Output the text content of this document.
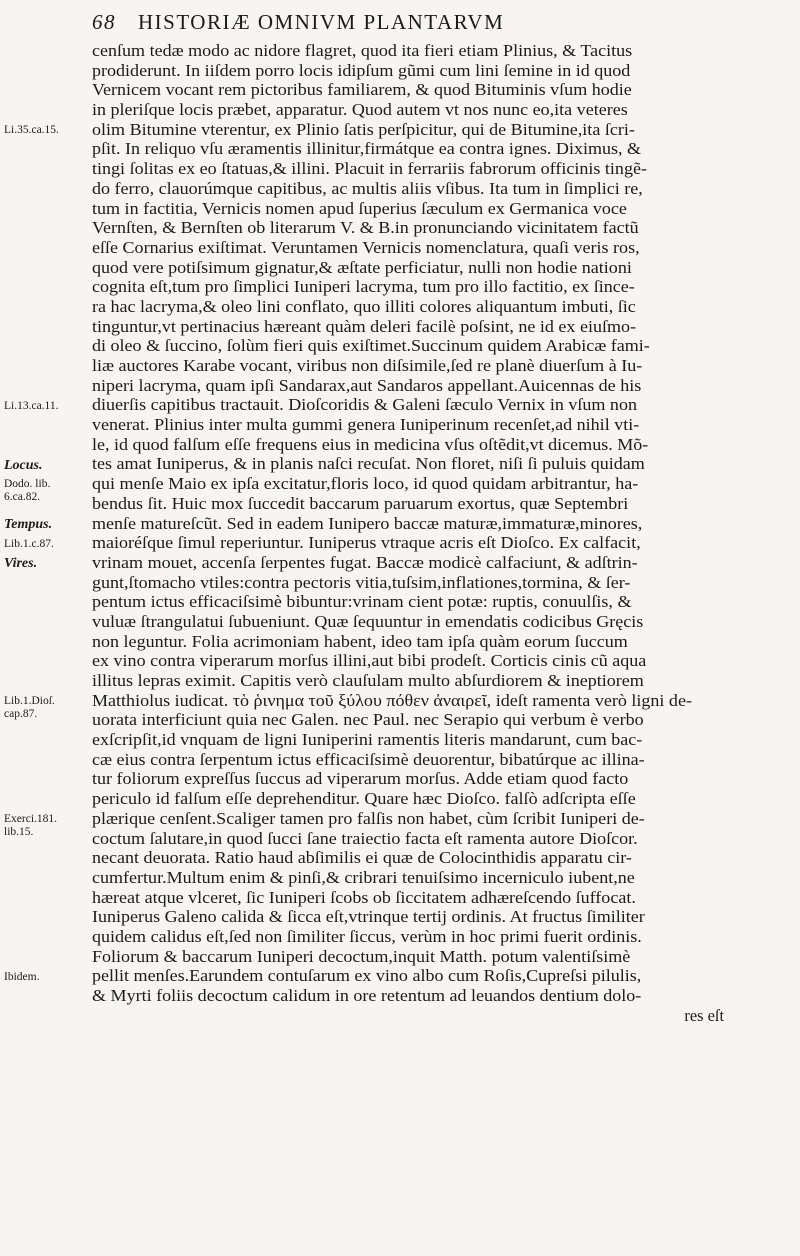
68 HISTORIÆ OMNIVM PLANTARVM
cenſum tedæ modo ac nidore flagret, quod ita fieri etiam Plinius, & Tacitus
prodiderunt. In iiſdem porro locis idipſum gũmi cum lini ſemine in id quod
Vernicem vocant rem pictoribus familiarem, & quod Bituminis vſum hodie
in pleriſque locis præbet, apparatur. Quod autem vt nos nunc eo,ita veteres
olim Bitumine vterentur, ex Plinio ſatis perſpicitur, qui de Bitumine,ita ſcri-
pſit. In reliquo vſu æramentis illinitur,firmátque ea contra ignes. Diximus, &
tingi ſolitas ex eo ſtatuas,& illini. Placuit in ferrariis fabrorum officinis tingẽ-
do ferro, clauorúmque capitibus, ac multis aliis vſibus. Ita tum in ſimplici re,
tum in factitia, Vernicis nomen apud ſuperius ſæculum ex Germanica voce
Vernſten, & Bernſten ob literarum V. & B.in pronunciando vicinitatem factũ
eſſe Cornarius exiſtimat. Veruntamen Vernicis nomenclatura, quaſi veris ros,
quod vere potiſsimum gignatur,& æſtate perficiatur, nulli non hodie nationi
cognita eſt,tum pro ſimplici Iuniperi lacryma, tum pro illo factitio, ex ſince-
ra hac lacryma,& oleo lini conflato, quo illiti colores aliquantum imbuti, ſic
tinguntur,vt pertinacius hæreant quàm deleri facilè poſsint, ne id ex eiuſmo-
di oleo & ſuccino, ſolùm fieri quis exiſtimet.Succinum quidem Arabicæ fami-
liæ auctores Karabe vocant, viribus non diſsimile,ſed re planè diuerſum à Iu-
niperi lacryma, quam ipſi Sandarax,aut Sandaros appellant.Auicennas de his
diuerſis capitibus tractauit. Dioſcoridis & Galeni ſæculo Vernix in vſum non
venerat. Plinius inter multa gummi genera Iuniperinum recenſet,ad nihil vti-
le, id quod falſum eſſe frequens eius in medicina vſus oſtẽdit,vt dicemus. Mõ-
tes amat Iuniperus, & in planis naſci recuſat. Non floret, niſi ſi puluis quidam
qui menſe Maio ex ipſa excitatur,floris loco, id quod quidam arbitrantur, ha-
bendus ſit. Huic mox ſuccedit baccarum paruarum exortus, quæ Septembri
menſe matureſcũt. Sed in eadem Iunipero baccæ maturæ,immaturæ,minores,
maioréſque ſimul reperiuntur. Iuniperus vtraque acris eſt Dioſco. Ex calfacit,
vrinam mouet, accenſa ſerpentes fugat. Baccæ modicè calfaciunt, & adſtrin-
gunt,ſtomacho vtiles:contra pectoris vitia,tuſsim,inflationes,tormina, & ſer-
pentum ictus efficaciſsimè bibuntur:vrinam cient potæ: ruptis, conuulſis, &
vuluæ ſtrangulatui ſubueniunt. Quæ ſequuntur in emendatis codicibus Gręcis
non leguntur. Folia acrimoniam habent, ideo tam ipſa quàm eorum ſuccum
ex vino contra viperarum morſus illini,aut bibi prodeſt. Corticis cinis cũ aqua
illitus lepras eximit. Capitis verò clauſulam multo abſurdiorem & ineptiorem
Matthiolus iudicat. τὸ ῥινημα τοῦ ξύλου πόθεν ἀναιρεῖ, ideſt ramenta verò ligni de-
uorata interficiunt quia nec Galen. nec Paul. nec Serapio qui verbum è verbo
exſcripſit,id vnquam de ligni Iuniperini ramentis literis mandarunt, cum bac-
cæ eius contra ſerpentum ictus efficaciſsimè deuorentur, bibatúrque ac illina-
tur foliorum expreſſus ſuccus ad viperarum morſus. Adde etiam quod facto
periculo id falſum eſſe deprehenditur. Quare hæc Dioſco. falſò adſcripta eſſe
plærique cenſent.Scaliger tamen pro falſis non habet, cùm ſcribit Iuniperi de-
coctum ſalutare,in quod ſucci ſane traiectio facta eſt ramenta autore Dioſcor.
necant deuorata. Ratio haud abſimilis ei quæ de Colocinthidis apparatu cir-
cumfertur.Multum enim & pinſi,& cribrari tenuiſsimo incerniculo iubent,ne
hæreat atque vlceret, ſic Iuniperi ſcobs ob ſiccitatem adhæreſcendo ſuffocat.
Iuniperus Galeno calida & ſicca eſt,vtrinque tertij ordinis. At fructus ſimiliter
quidem calidus eſt,ſed non ſimiliter ſiccus, verùm in hoc primi fuerit ordinis.
Foliorum & baccarum Iuniperi decoctum,inquit Matth. potum valentiſsimè
pellit menſes.Earundem contuſarum ex vino albo cum Roſis,Cupreſsi pilulis,
& Myrti foliis decoctum calidum in ore retentum ad leuandos dentium dolo-
res eſt
Li.35.ca.15.
Li.13.ca.11.
Locus.
Dodo. lib.
6.ca.82.
Tempus.
Lib.1.c.87.
Vires.
Lib.1.Dioſ.
cap.87.
Exerci.181.
lib.15.
Ibidem.
